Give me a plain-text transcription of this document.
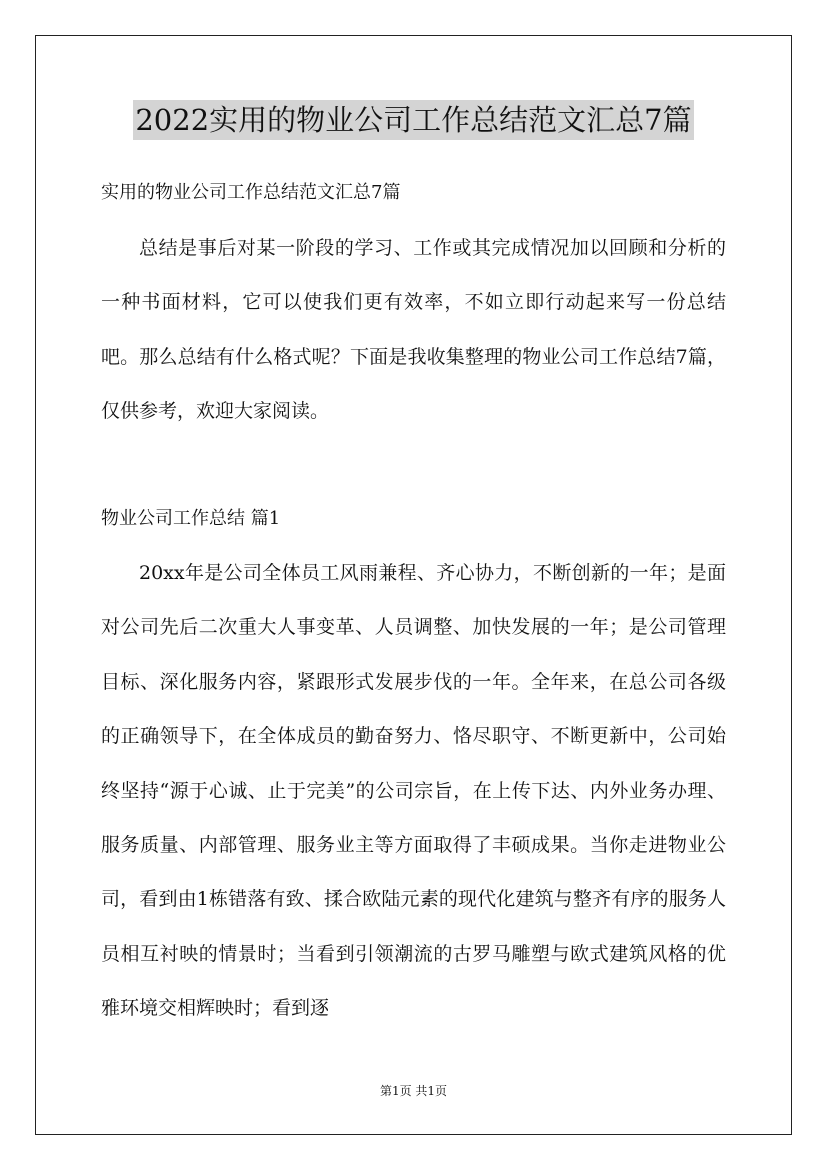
2022实用的物业公司工作总结范文汇总7篇
实用的物业公司工作总结范文汇总7篇

总结是事后对某一阶段的学习、工作或其完成情况加以回顾和分析的一种书面材料，它可以使我们更有效率，不如立即行动起来写一份总结吧。那么总结有什么格式呢？下面是我收集整理的物业公司工作总结7篇，仅供参考，欢迎大家阅读。

物业公司工作总结 篇1

20xx年是公司全体员工风雨兼程、齐心协力，不断创新的一年；是面对公司先后二次重大人事变革、人员调整、加快发展的一年；是公司管理目标、深化服务内容，紧跟形式发展步伐的一年。全年来，在总公司各级的正确领导下，在全体成员的勤奋努力、恪尽职守、不断更新中，公司始终坚持“源于心诚、止于完美”的公司宗旨，在上传下达、内外业务办理、服务质量、内部管理、服务业主等方面取得了丰硕成果。当你走进物业公司，看到由1栋错落有致、揉合欧陆元素的现代化建筑与整齐有序的服务人员相互衬映的情景时；当看到引领潮流的古罗马雕塑与欧式建筑风格的优雅环境交相辉映时；看到逐

第1页 共1页
